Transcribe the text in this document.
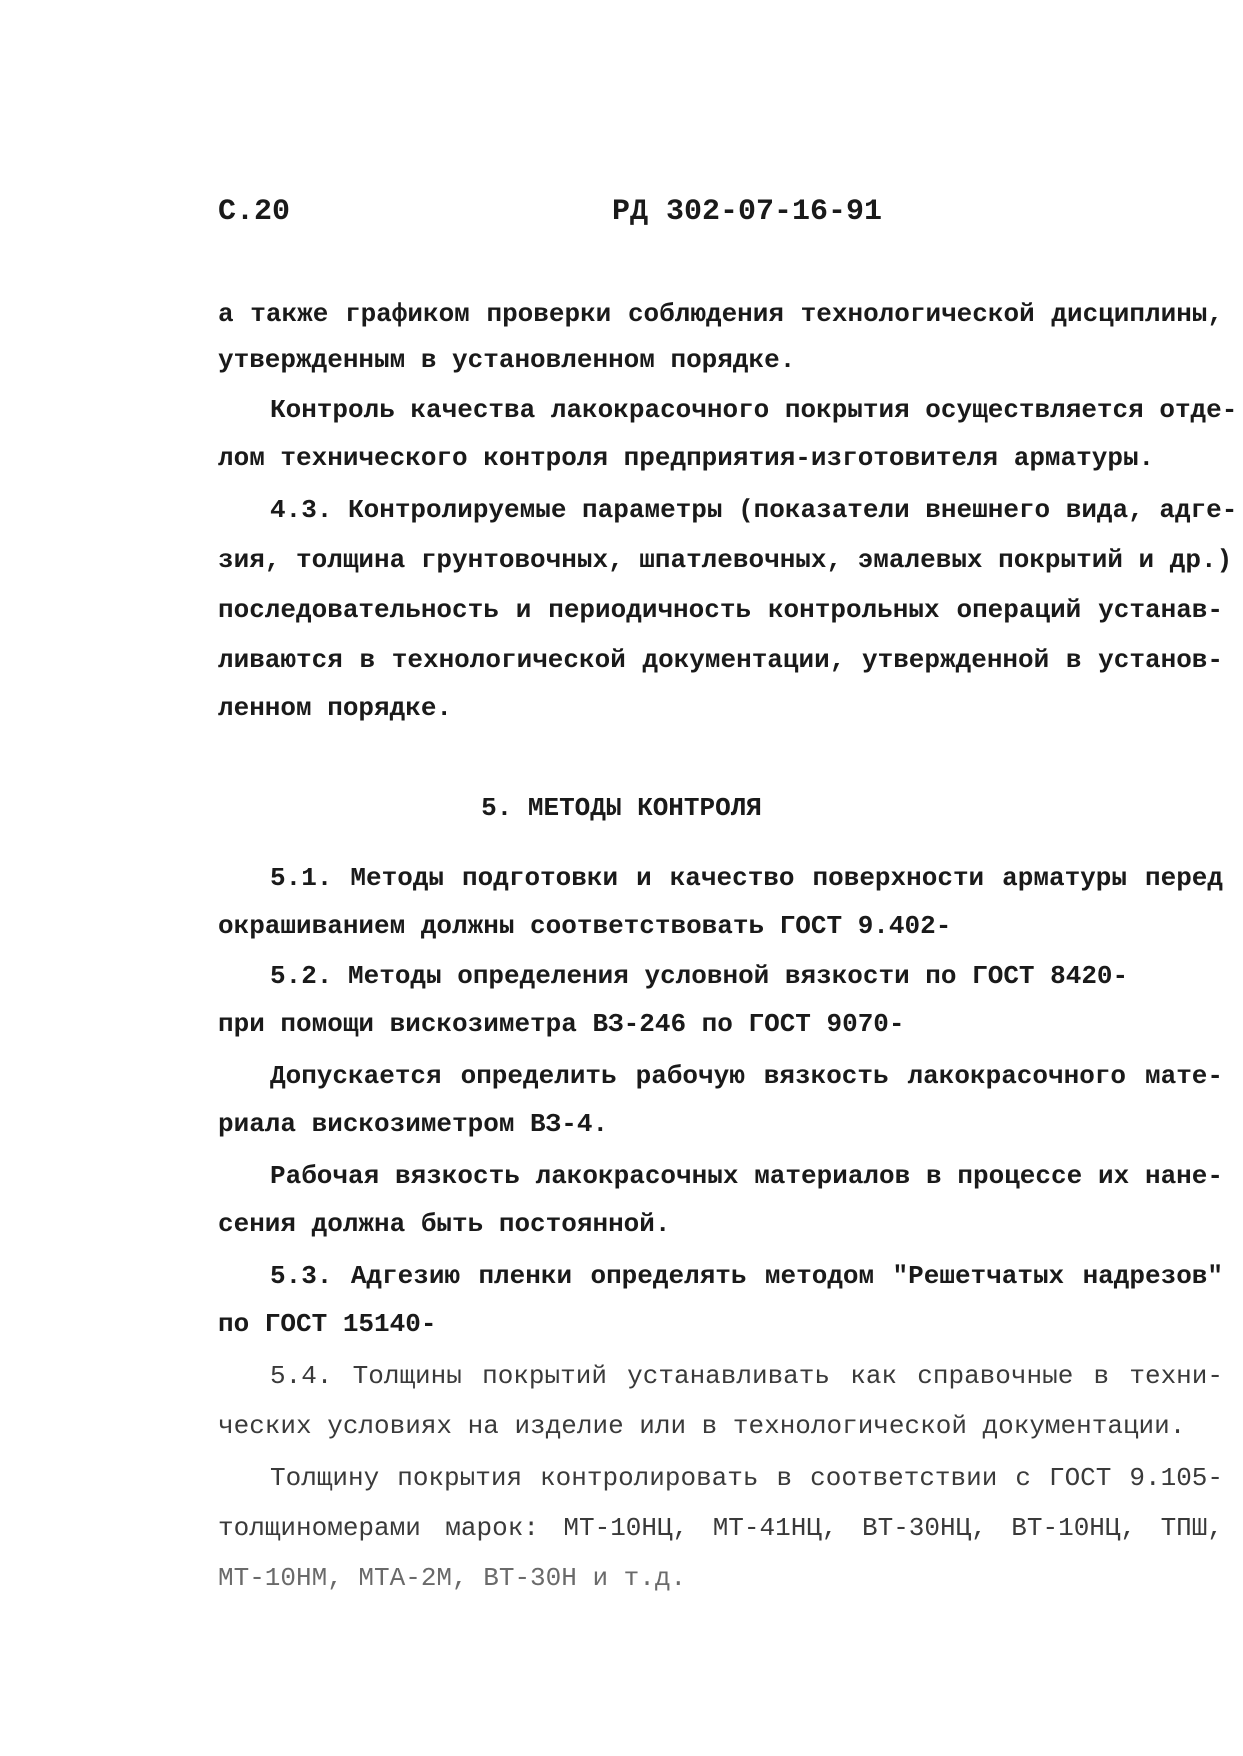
С.20	РД 302-07-16-91
а также графиком проверки соблюдения технологической дисциплины,
утвержденным в установленном порядке.
Контроль качества лакокрасочного покрытия осуществляется отде-
лом технического контроля предприятия-изготовителя арматуры.
4.3. Контролируемые параметры (показатели внешнего вида, адге-
зия, толщина грунтовочных, шпатлевочных, эмалевых покрытий и др.)
последовательность и периодичность контрольных операций устанав-
ливаются в технологической документации, утвержденной в установ-
ленном порядке.
5. МЕТОДЫ КОНТРОЛЯ
5.1. Методы подготовки и качество поверхности арматуры перед
окрашиванием должны соответствовать ГОСТ 9.402-
5.2. Методы определения условной вязкости по ГОСТ 8420-
при помощи вискозиметра ВЗ-246 по ГОСТ 9070-
Допускается определить рабочую вязкость лакокрасочного мате-
риала вискозиметром ВЗ-4.
Рабочая вязкость лакокрасочных материалов в процессе их нане-
сения должна быть постоянной.
5.3. Адгезию пленки определять методом "Решетчатых надрезов"
по ГОСТ 15140-
5.4. Толщины покрытий устанавливать как справочные в техни-
ческих условиях на изделие или в технологической документации.
Толщину покрытия контролировать в соответствии с ГОСТ 9.105-
толщиномерами марок: МТ-10НЦ, МТ-41НЦ, ВТ-30НЦ, ВТ-10НЦ, ТПШ,
МТ-10НМ, МТА-2М, ВТ-30Н и т.д.
